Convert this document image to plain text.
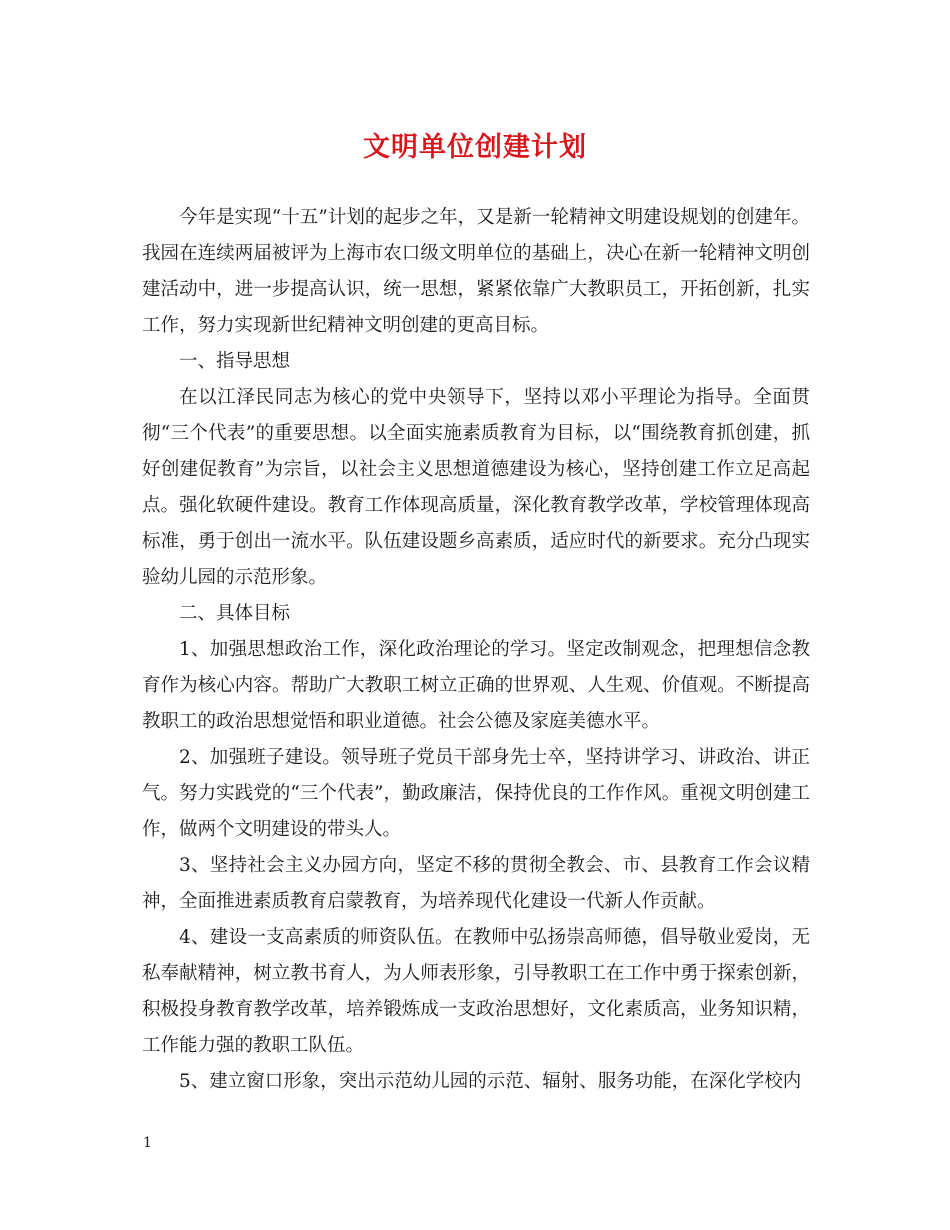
文明单位创建计划

今年是实现“十五”计划的起步之年，又是新一轮精神文明建设规划的创建年。我园在连续两届被评为上海市农口级文明单位的基础上，决心在新一轮精神文明创建活动中，进一步提高认识，统一思想，紧紧依靠广大教职员工，开拓创新，扎实工作，努力实现新世纪精神文明创建的更高目标。

一、指导思想

在以江泽民同志为核心的党中央领导下，坚持以邓小平理论为指导。全面贯彻“三个代表”的重要思想。以全面实施素质教育为目标，以“围绕教育抓创建，抓好创建促教育”为宗旨，以社会主义思想道德建设为核心，坚持创建工作立足高起点。强化软硬件建设。教育工作体现高质量，深化教育教学改革，学校管理体现高标准，勇于创出一流水平。队伍建设题乡高素质，适应时代的新要求。充分凸现实验幼儿园的示范形象。

二、具体目标

1、加强思想政治工作，深化政治理论的学习。坚定改制观念，把理想信念教育作为核心内容。帮助广大教职工树立正确的世界观、人生观、价值观。不断提高教职工的政治思想觉悟和职业道德。社会公德及家庭美德水平。

2、加强班子建设。领导班子党员干部身先士卒，坚持讲学习、讲政治、讲正气。努力实践党的“三个代表”，勤政廉洁，保持优良的工作作风。重视文明创建工作，做两个文明建设的带头人。

3、坚持社会主义办园方向，坚定不移的贯彻全教会、市、县教育工作会议精神，全面推进素质教育启蒙教育，为培养现代化建设一代新人作贡献。

4、建设一支高素质的师资队伍。在教师中弘扬崇高师德，倡导敬业爱岗，无私奉献精神，树立教书育人，为人师表形象，引导教职工在工作中勇于探索创新，积极投身教育教学改革，培养锻炼成一支政治思想好，文化素质高，业务知识精，工作能力强的教职工队伍。

5、建立窗口形象，突出示范幼儿园的示范、辐射、服务功能，在深化学校内

1
